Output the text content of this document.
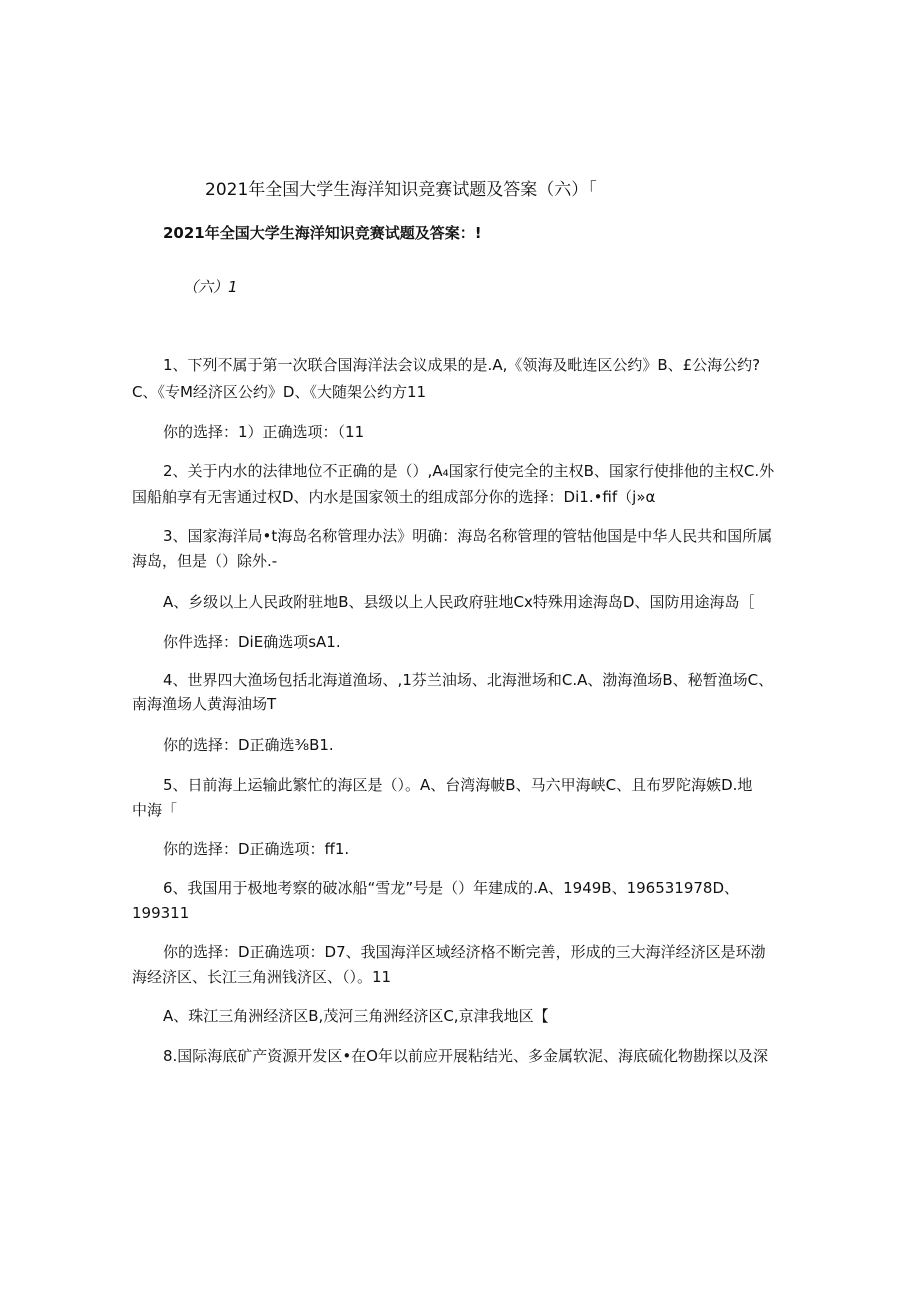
2021年全国大学生海洋知识竞赛试题及答案（六）「
2021年全国大学生海洋知识竞赛试题及答案：!
（六）1
1、下列不属于第一次联合国海洋法会议成果的是.A,《领海及毗连区公约》B、£公海公约?
C、《专M经济区公约》D、《大随架公约方11
你的选择：1）正确选项：（11
2、关于内水的法律地位不正确的是（）,A₄国家行使完全的主权B、国家行使排他的主权C.外
国船舶享有无害通过权D、内水是国家领土的组成部分你的选择：Di1.•fif（j»α
3、国家海洋局•t海岛名称管理办法》明确：海岛名称管理的管牯他国是中华人民共和国所属
海岛，但是（）除外.-
A、乡级以上人民政附驻地B、县级以上人民政府驻地Cx特殊用途海岛D、国防用途海岛［
你件选择：DiE确选项sA1.
4、世界四大渔场包括北海道渔场、,1芬兰油场、北海泄场和C.A、渤海渔场B、秘暂渔场C、
南海渔场人黄海油场T
你的选择：D正确选⅜B1.
5、日前海上运输此繁忙的海区是（）。A、台湾海帔B、马六甲海峡C、且布罗陀海嫉D.地
中海「
你的选择：D正确选项：ff1.
6、我国用于极地考察的破冰船“雪龙”号是（）年建成的.A、1949B、196531978D、
199311
你的选择：D正确选项：D7、我国海洋区域经济格不断完善，形成的三大海洋经济区是环渤
海经济区、长江三角洲钱济区、（）。11
A、珠江三角洲经济区B,茂河三角洲经济区C,京津我地区【
8.国际海底矿产资源开发区•在O年以前应开展粘结光、多金属软泥、海底硫化物勘探以及深
